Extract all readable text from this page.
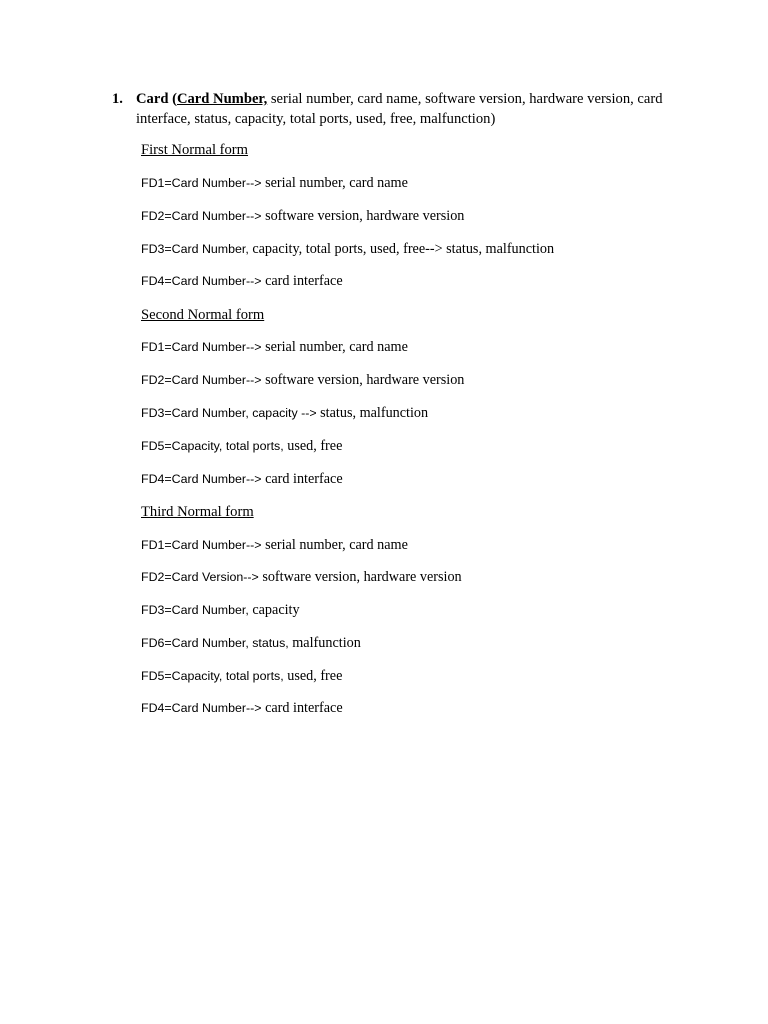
1. Card (Card Number, serial number, card name, software version, hardware version, card interface, status, capacity, total ports, used, free, malfunction)
First Normal form
FD1=Card Number--> serial number, card name
FD2=Card Number--> software version, hardware version
FD3=Card Number, capacity, total ports, used, free--> status, malfunction
FD4=Card Number--> card interface
Second Normal form
FD1=Card Number--> serial number, card name
FD2=Card Number--> software version, hardware version
FD3=Card Number, capacity --> status, malfunction
FD5=Capacity, total ports, used, free
FD4=Card Number--> card interface
Third Normal form
FD1=Card Number--> serial number, card name
FD2=Card Version--> software version, hardware version
FD3=Card Number, capacity
FD6=Card Number, status, malfunction
FD5=Capacity, total ports, used, free
FD4=Card Number--> card interface
